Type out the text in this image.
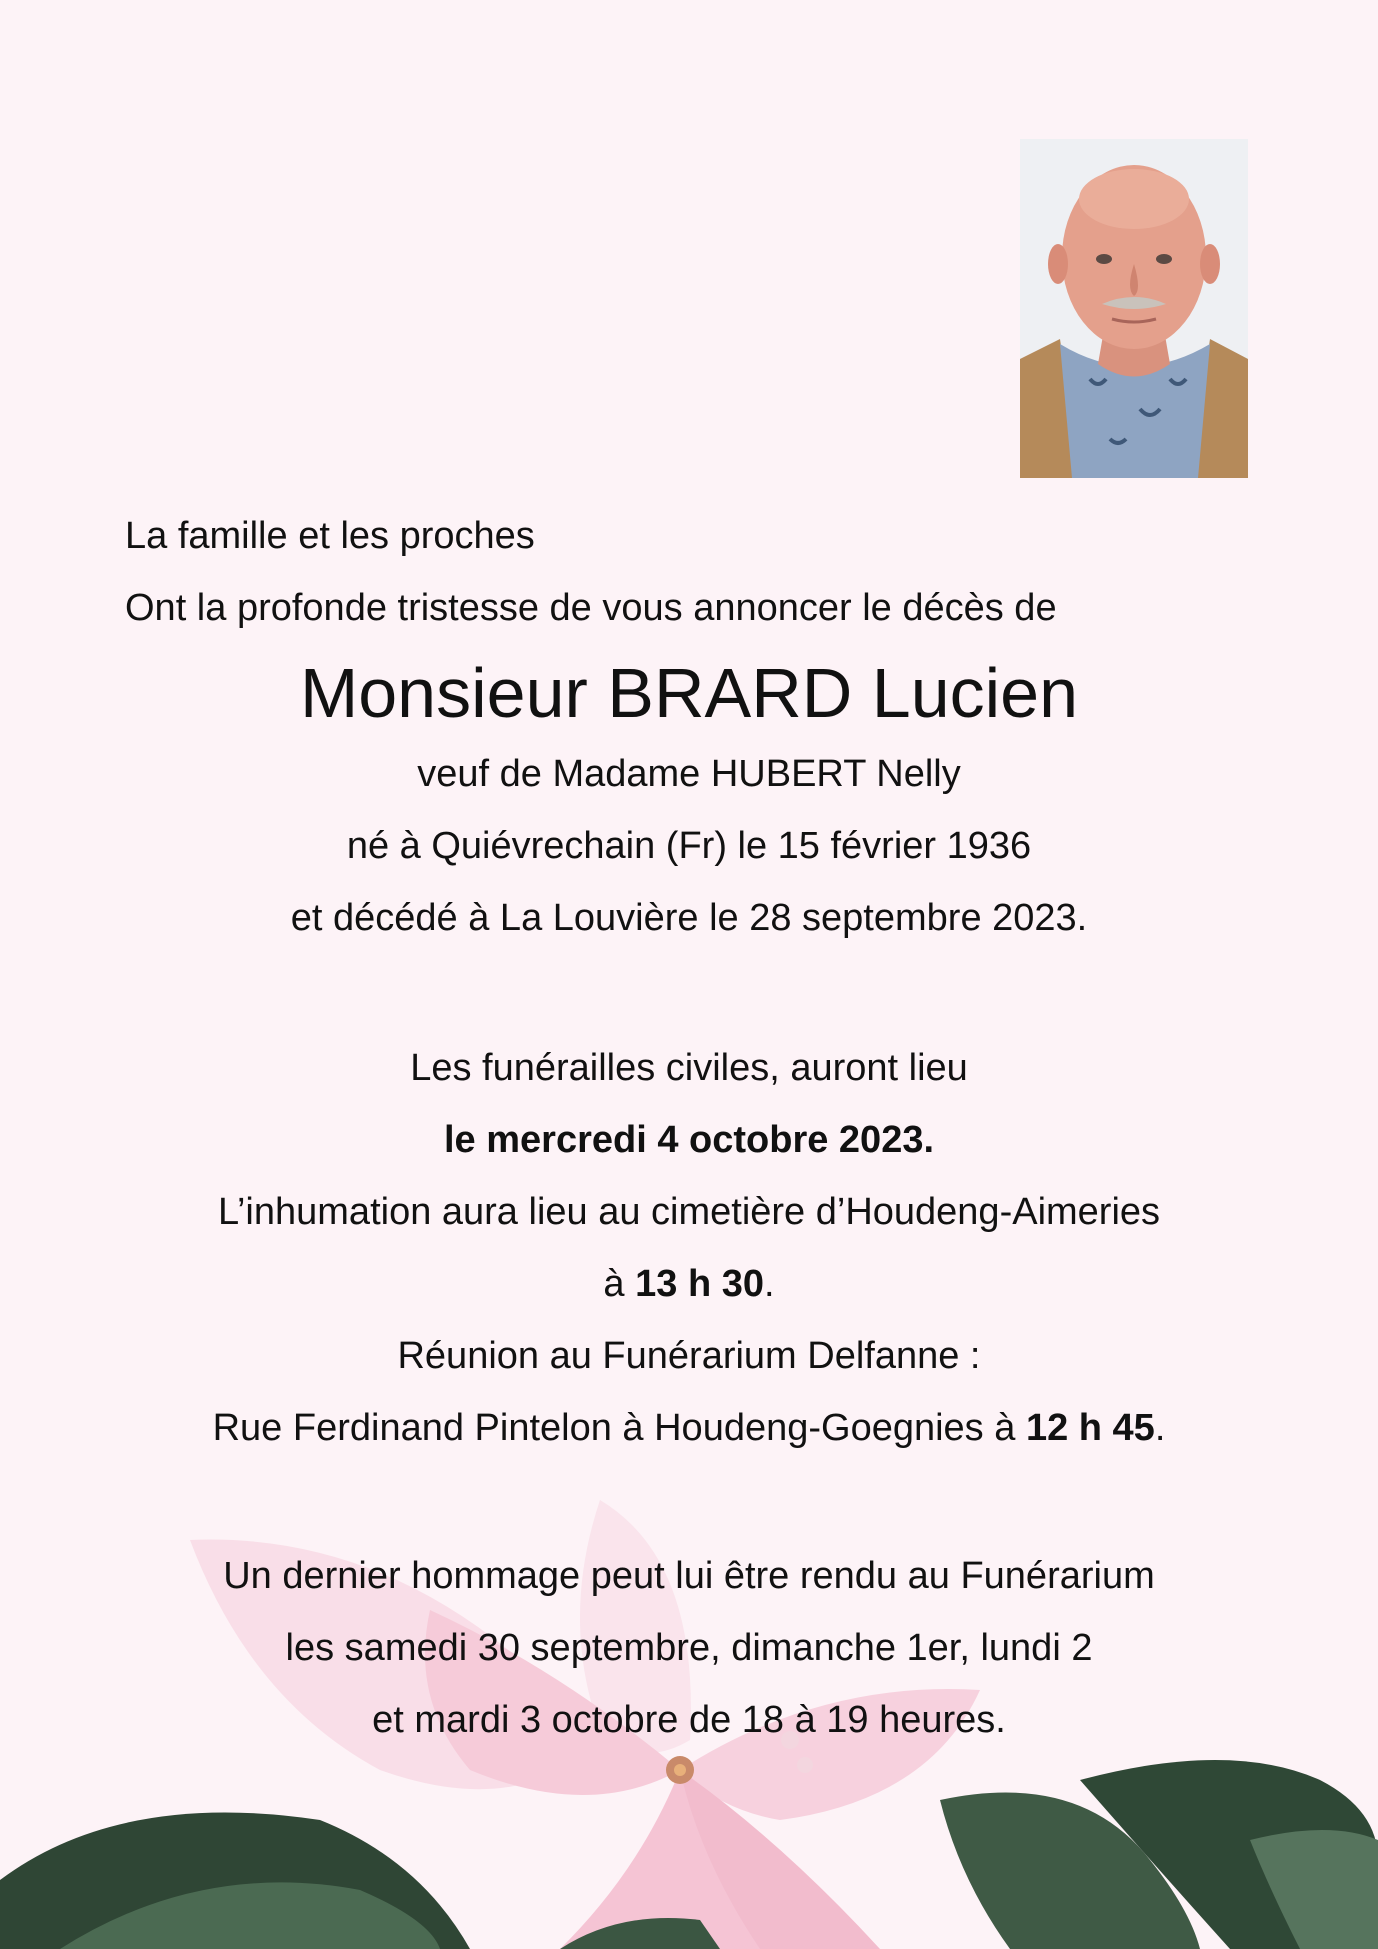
La famille et les proches
Ont la profonde tristesse de vous annoncer le décès de
Monsieur BRARD Lucien
veuf de Madame HUBERT Nelly
né à Quiévrechain (Fr) le 15 février 1936
et décédé à La Louvière le 28 septembre 2023.
Les funérailles civiles, auront lieu
le mercredi 4 octobre 2023.
L’inhumation aura lieu au cimetière d’Houdeng-Aimeries
à 13 h 30.
Réunion au Funérarium Delfanne :
Rue Ferdinand Pintelon à Houdeng-Goegnies à 12 h 45.
Un dernier hommage peut lui être rendu au Funérarium
les samedi 30 septembre, dimanche 1er, lundi 2
et mardi 3 octobre de 18 à 19 heures.
